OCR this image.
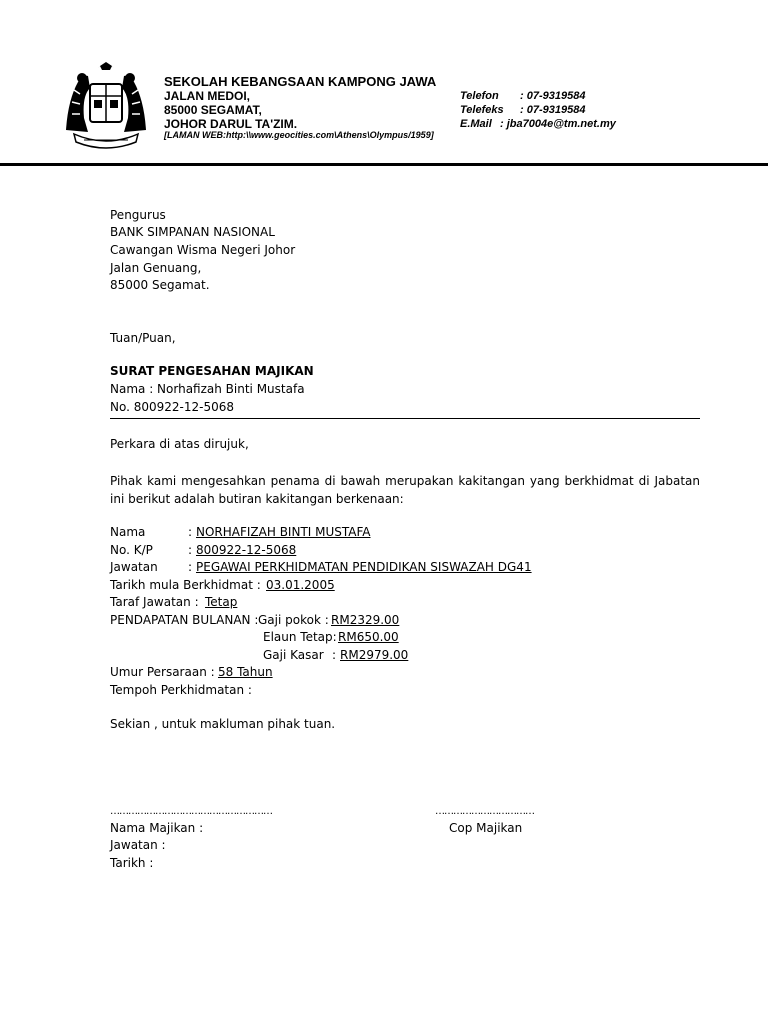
SEKOLAH KEBANGSAAN KAMPONG JAWA
JALAN MEDOI,
85000 SEGAMAT,
JOHOR DARUL TA'ZIM.
[LAMAN WEB:http:\\www.geocities.com\Athens\Olympus/1959]
Telefon : 07-9319584
Telefeks : 07-9319584
E.Mail : jba7004e@tm.net.my
Pengurus
BANK SIMPANAN NASIONAL
Cawangan Wisma Negeri Johor
Jalan Genuang,
85000 Segamat.
Tuan/Puan,
SURAT PENGESAHAN MAJIKAN
Nama : Norhafizah Binti Mustafa
No. 800922-12-5068
Perkara di atas dirujuk,
Pihak kami mengesahkan penama di bawah merupakan kakitangan yang berkhidmat di Jabatan ini berikut adalah butiran kakitangan berkenaan:
Nama	: NORHAFIZAH BINTI MUSTAFA
No. K/P	: 800922-12-5068
Jawatan	: PEGAWAI PERKHIDMATAN PENDIDIKAN SISWAZAH DG41
Tarikh mula Berkhidmat : 03.01.2005
Taraf Jawatan : Tetap
PENDAPATAN BULANAN : Gaji pokok : RM2329.00
Elaun Tetap: RM650.00
Gaji Kasar : RM2979.00
Umur Persaraan : 58 Tahun
Tempoh Perkhidmatan :
Sekian , untuk makluman pihak tuan.
………………………………………………	……………………………
Nama Majikan :	Cop Majikan
Jawatan :
Tarikh :
